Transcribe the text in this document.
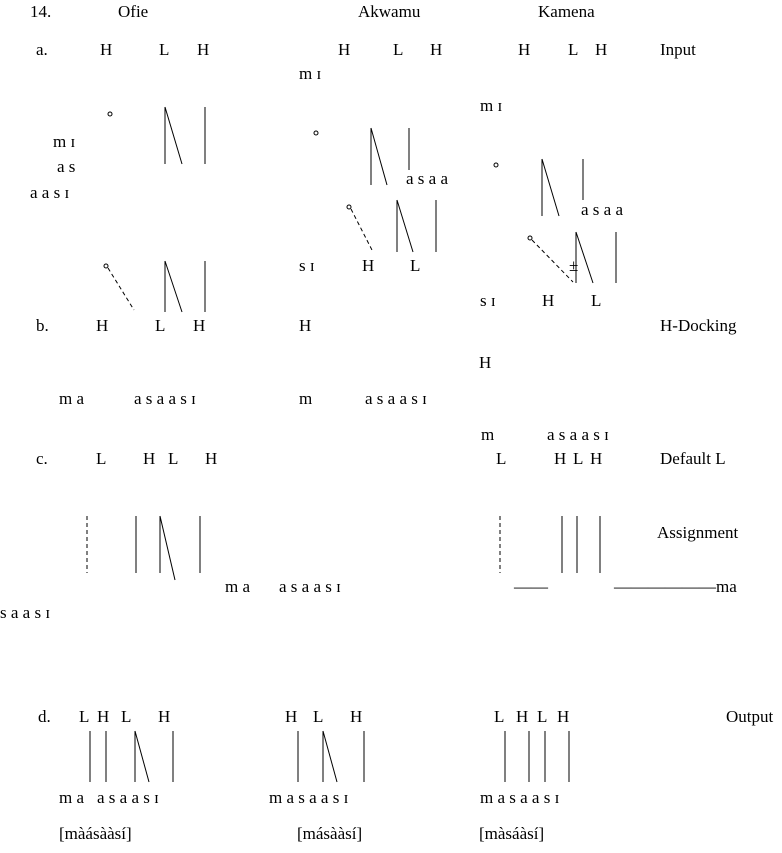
14.	Ofie	Akwamu	Kamena
a.	Input
H	L H
m ɪ
a s
a a s ɪ
H	L H
m ɪ
a s a a
s ɪ	H L
H L H
m ɪ
a s a a
±
s ɪ	H L
b.	H-Docking
H	L H
m a	a s a a s ɪ
H
m	a s a a s ɪ
H
m	a s a a s ɪ
c.	Default L
Assignment
L H L H
m a a s a a s ɪ
s a a s ɪ
L	H L H
——	——————ma
d.	Output
L H L H
m a a s a a s ɪ
[màásààsí]
H L H
m a s a a s ɪ
[másààsí]
L H L H
m a s a a s ɪ
[màsáàsí]
